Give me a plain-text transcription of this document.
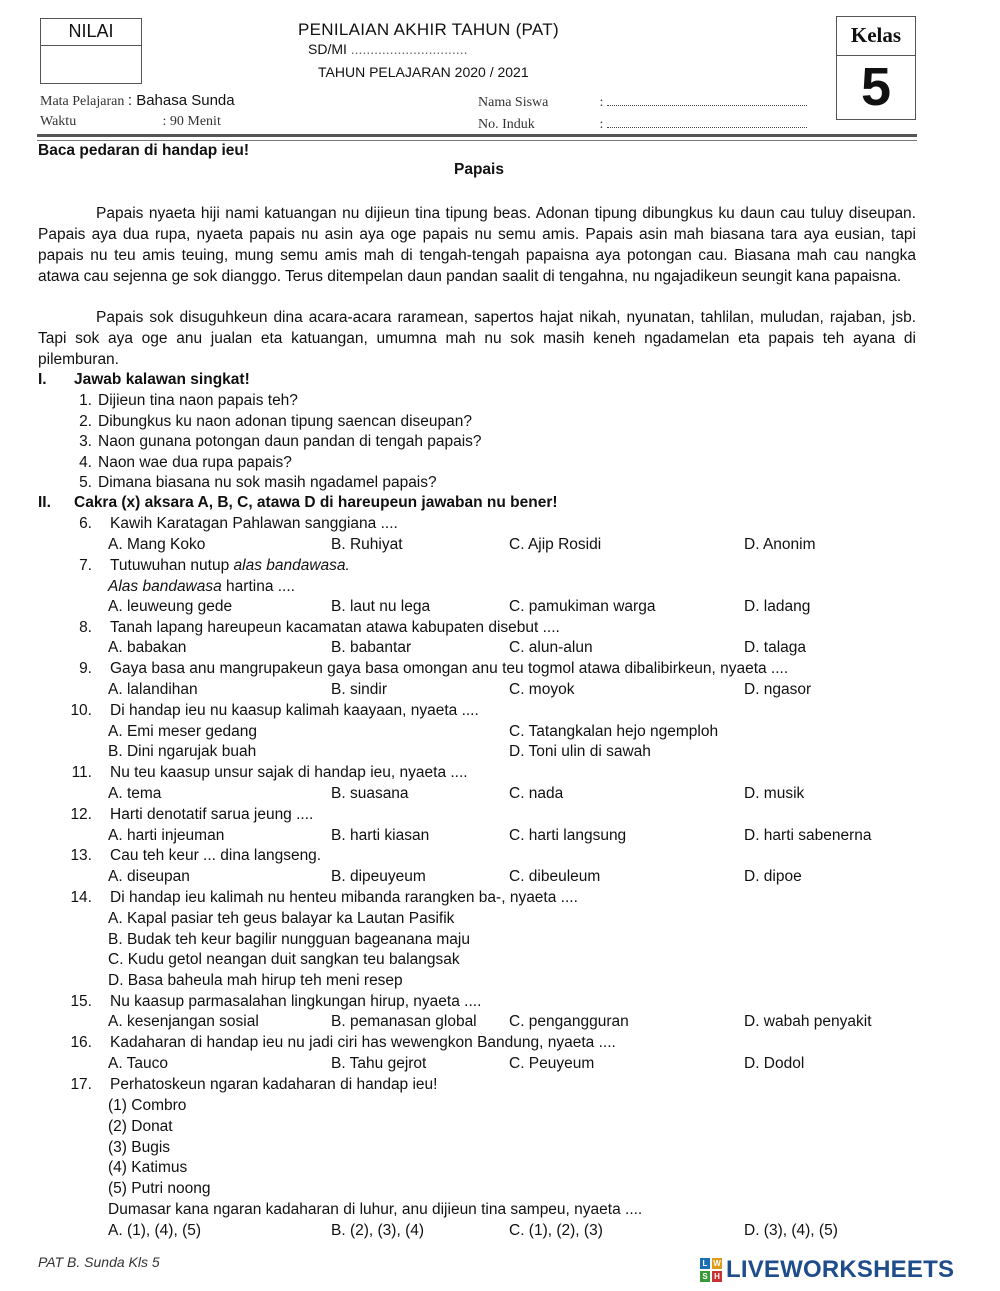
NILAI	PENILAIAN AKHIR TAHUN (PAT)
SD/MI ..............................
TAHUN PELAJARAN 2020 / 2021
Kelas
5
Mata Pelajaran : Bahasa Sunda
Waktu	: 90 Menit
Nama Siswa	:
No. Induk	:
Baca pedaran di handap ieu!
Papais
Papais nyaeta hiji nami katuangan nu dijieun tina tipung beas. Adonan tipung dibungkus ku daun cau tuluy diseupan. Papais aya dua rupa, nyaeta papais nu asin aya oge papais nu semu amis. Papais asin mah biasana tara aya eusian, tapi papais nu teu amis teuing, mung semu amis mah di tengah-tengah papaisna aya potongan cau. Biasana mah cau nangka atawa cau sejenna ge sok dianggo. Terus ditempelan daun pandan saalit di tengahna, nu ngajadikeun seungit kana papaisna.
Papais sok disuguhkeun dina acara-acara raramean, sapertos hajat nikah, nyunatan, tahlilan, muludan, rajaban, jsb. Tapi sok aya oge anu jualan eta katuangan, umumna mah nu sok masih keneh ngadamelan eta papais teh ayana di pilemburan.
I. Jawab kalawan singkat!
1. Dijieun tina naon papais teh?
2. Dibungkus ku naon adonan tipung saencan diseupan?
3. Naon gunana potongan daun pandan di tengah papais?
4. Naon wae dua rupa papais?
5. Dimana biasana nu sok masih ngadamel papais?
II. Cakra (x) aksara A, B, C, atawa D di hareupeun jawaban nu bener!
6. Kawih Karatagan Pahlawan sanggiana ....
A. Mang Koko	B. Ruhiyat	C. Ajip Rosidi	D. Anonim
7. Tutuwuhan nutup alas bandawasa.
Alas bandawasa hartina ....
A. leuweung gede	B. laut nu lega	C. pamukiman warga	D. ladang
8. Tanah lapang hareupeun kacamatan atawa kabupaten disebut ....
A. babakan	B. babantar	C. alun-alun	D. talaga
9. Gaya basa anu mangrupakeun gaya basa omongan anu teu togmol atawa dibalibirkeun, nyaeta ....
A. lalandihan	B. sindir	C. moyok	D. ngasor
10. Di handap ieu nu kaasup kalimah kaayaan, nyaeta ....
A. Emi meser gedang	C. Tatangkalan hejo ngemploh
B. Dini ngarujak buah	D. Toni ulin di sawah
11. Nu teu kaasup unsur sajak di handap ieu, nyaeta ....
A. tema	B. suasana	C. nada	D. musik
12. Harti denotatif sarua jeung ....
A. harti injeuman	B. harti kiasan	C. harti langsung	D. harti sabenerna
13. Cau teh keur ... dina langseng.
A. diseupan	B. dipeuyeum	C. dibeuleum	D. dipoe
14. Di handap ieu kalimah nu henteu mibanda rarangken ba-, nyaeta ....
A. Kapal pasiar teh geus balayar ka Lautan Pasifik
B. Budak teh keur bagilir nungguan bageanana maju
C. Kudu getol neangan duit sangkan teu balangsak
D. Basa baheula mah hirup teh meni resep
15. Nu kaasup parmasalahan lingkungan hirup, nyaeta ....
A. kesenjangan sosial	B. pemanasan global C. pengangguran	D. wabah penyakit
16. Kadaharan di handap ieu nu jadi ciri has wewengkon Bandung, nyaeta ....
A. Tauco	B. Tahu gejrot	C. Peuyeum	D. Dodol
17. Perhatoskeun ngaran kadaharan di handap ieu!
(1) Combro
(2) Donat
(3) Bugis
(4) Katimus
(5) Putri noong
Dumasar kana ngaran kadaharan di luhur, anu dijieun tina sampeu, nyaeta ....
A. (1), (4), (5)	B. (2), (3), (4)	C. (1), (2), (3)	D. (3), (4), (5)
PAT B. Sunda Kls 5	L W
S H LIVEWORKSHEETS
